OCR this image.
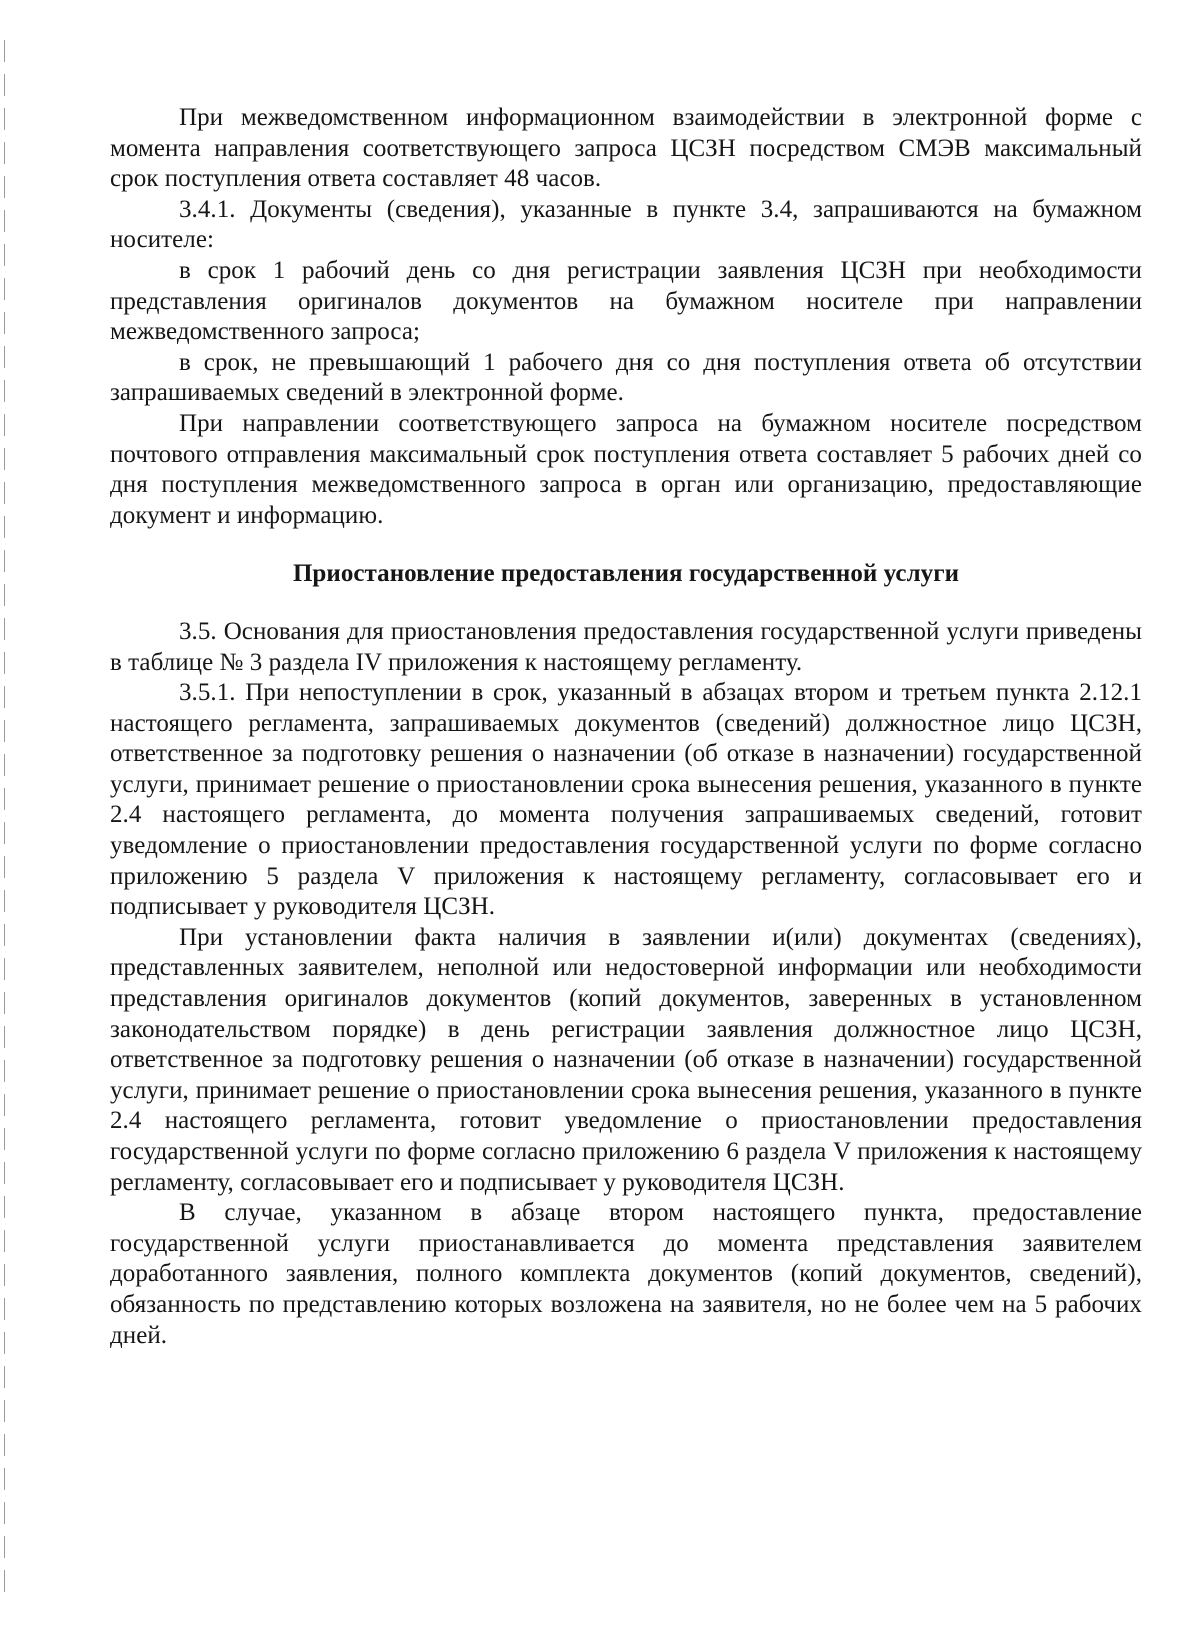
При межведомственном информационном взаимодействии в электронной форме с момента направления соответствующего запроса ЦСЗН посредством СМЭВ максимальный срок поступления ответа составляет 48 часов.

3.4.1. Документы (сведения), указанные в пункте 3.4, запрашиваются на бумажном носителе:

в срок 1 рабочий день со дня регистрации заявления ЦСЗН при необходимости представления оригиналов документов на бумажном носителе при направлении межведомственного запроса;

в срок, не превышающий 1 рабочего дня со дня поступления ответа об отсутствии запрашиваемых сведений в электронной форме.

При направлении соответствующего запроса на бумажном носителе посредством почтового отправления максимальный срок поступления ответа составляет 5 рабочих дней со дня поступления межведомственного запроса в орган или организацию, предоставляющие документ и информацию.

Приостановление предоставления государственной услуги

3.5. Основания для приостановления предоставления государственной услуги приведены в таблице № 3 раздела IV приложения к настоящему регламенту.

3.5.1. При непоступлении в срок, указанный в абзацах втором и третьем пункта 2.12.1 настоящего регламента, запрашиваемых документов (сведений) должностное лицо ЦСЗН, ответственное за подготовку решения о назначении (об отказе в назначении) государственной услуги, принимает решение о приостановлении срока вынесения решения, указанного в пункте 2.4 настоящего регламента, до момента получения запрашиваемых сведений, готовит уведомление о приостановлении предоставления государственной услуги по форме согласно приложению 5 раздела V приложения к настоящему регламенту, согласовывает его и подписывает у руководителя ЦСЗН.

При установлении факта наличия в заявлении и(или) документах (сведениях), представленных заявителем, неполной или недостоверной информации или необходимости представления оригиналов документов (копий документов, заверенных в установленном законодательством порядке) в день регистрации заявления должностное лицо ЦСЗН, ответственное за подготовку решения о назначении (об отказе в назначении) государственной услуги, принимает решение о приостановлении срока вынесения решения, указанного в пункте 2.4 настоящего регламента, готовит уведомление о приостановлении предоставления государственной услуги по форме согласно приложению 6 раздела V приложения к настоящему регламенту, согласовывает его и подписывает у руководителя ЦСЗН.

В случае, указанном в абзаце втором настоящего пункта, предоставление государственной услуги приостанавливается до момента представления заявителем доработанного заявления, полного комплекта документов (копий документов, сведений), обязанность по представлению которых возложена на заявителя, но не более чем на 5 рабочих дней.
